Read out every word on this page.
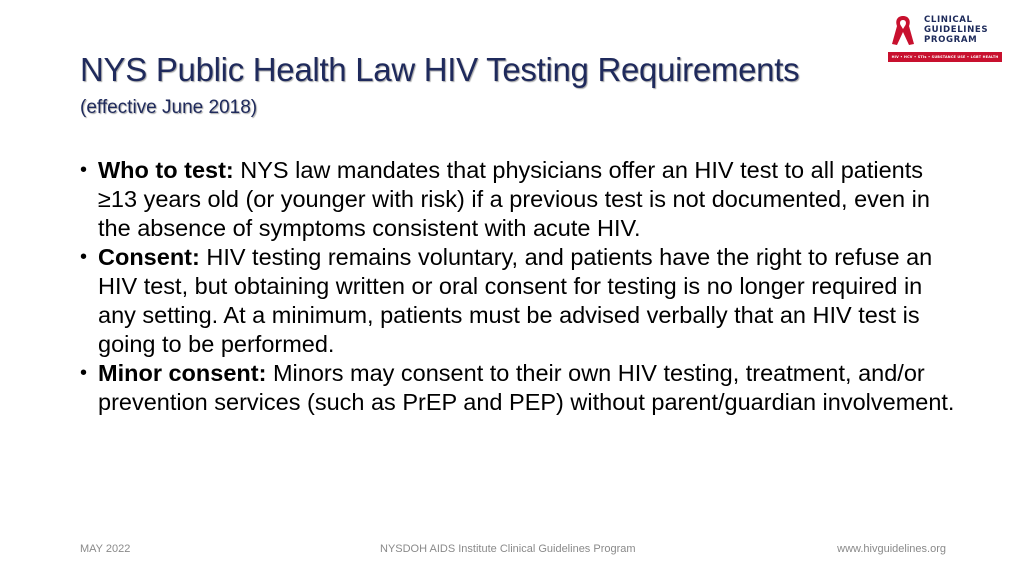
CLINICAL
GUIDELINES
PROGRAM
HIV • HCV • STIs • SUBSTANCE USE • LGBT HEALTH
NYS Public Health Law HIV Testing Requirements
(effective June 2018)
• Who to test: NYS law mandates that physicians offer an HIV test to all patients ≥13 years old (or younger with risk) if a previous test is not documented, even in the absence of symptoms consistent with acute HIV.
• Consent: HIV testing remains voluntary, and patients have the right to refuse an HIV test, but obtaining written or oral consent for testing is no longer required in any setting. At a minimum, patients must be advised verbally that an HIV test is going to be performed.
• Minor consent: Minors may consent to their own HIV testing, treatment, and/or prevention services (such as PrEP and PEP) without parent/guardian involvement.
MAY 2022	NYSDOH AIDS Institute Clinical Guidelines Program	www.hivguidelines.org
